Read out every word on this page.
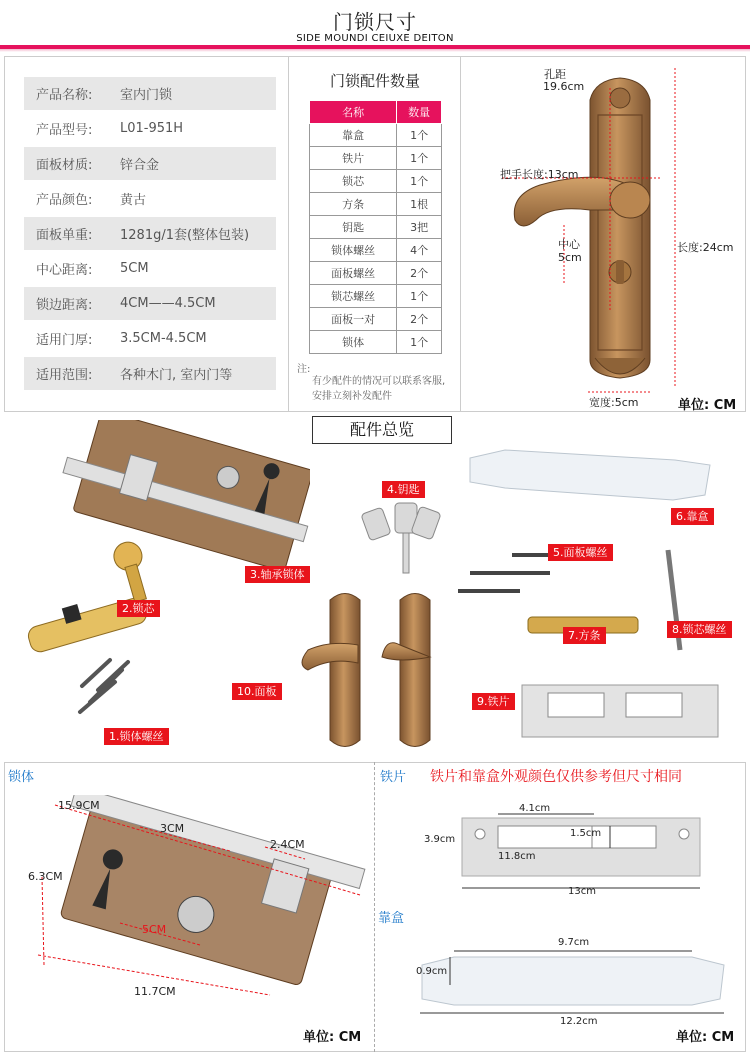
门锁尺寸
SIDE MOUNDI CEIUXE DEITON
产品名称:	室内门锁
产品型号:	L01-951H
面板材质:	锌合金
产品颜色:	黄古
面板单重:	1281g/1套(整体包装)
中心距离:	5CM
锁边距离:	4CM——4.5CM
适用门厚:	3.5CM-4.5CM
适用范围:	各种木门, 室内门等
门锁配件数量
名称	数量
靠盒	1个
铁片	1个
锁芯	1个
方条	1根
钥匙	3把
锁体螺丝	4个
面板螺丝	2个
锁芯螺丝	1个
面板一对	2个
锁体	1个
注:
有少配件的情况可以联系客服, 安排立刻补发配件
孔距
19.6cm
把手长度:13cm
中心
5cm
长度:24cm
宽度:5cm	单位: CM
配件总览
4.钥匙
6.靠盒
3.轴承锁体
5.面板螺丝
2.锁芯
7.方条	8.锁芯螺丝
10.面板
9.铁片
1.锁体螺丝
锁体	铁片
靠盒
铁片和靠盒外观颜色仅供参考但尺寸相同
15.9CM
3CM
2.4CM
6.3CM
5CM
11.7CM
单位: CM
4.1cm
3.9cm
1.5cm
11.8cm
13cm
9.7cm
0.9cm
12.2cm
单位: CM
